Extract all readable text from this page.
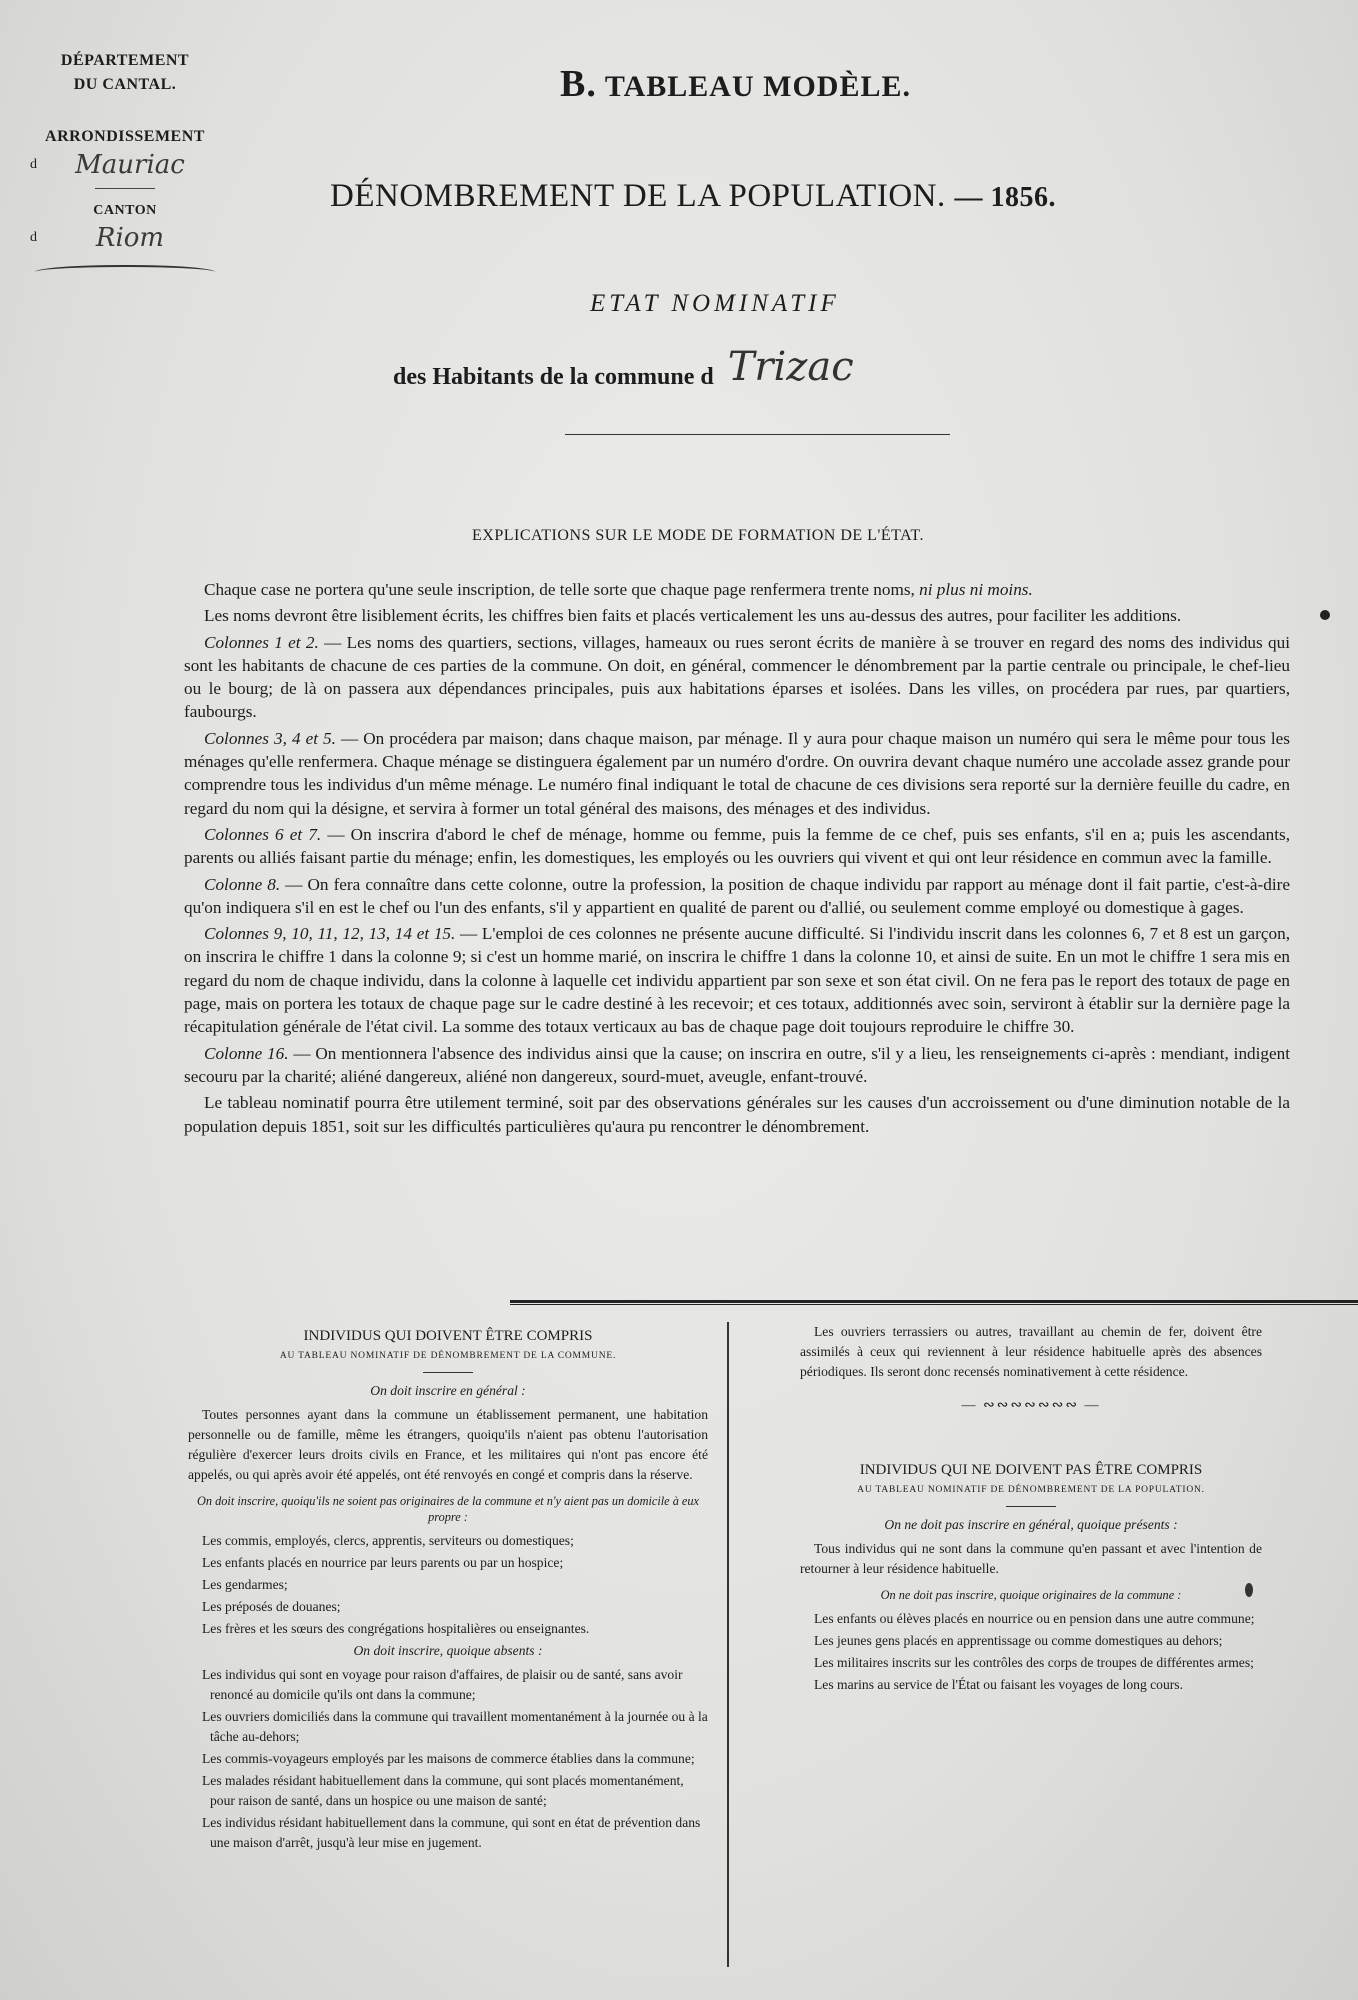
DÉPARTEMENT
DU CANTAL.
ARRONDISSEMENT
d Mauriac
CANTON
d Riom
B. TABLEAU MODÈLE.
DÉNOMBREMENT DE LA POPULATION. — 1856.
ETAT NOMINATIF
des Habitants de la commune d Trizac
EXPLICATIONS SUR LE MODE DE FORMATION DE L'ÉTAT.

Chaque case ne portera qu'une seule inscription, de telle sorte que chaque page renfermera trente noms, ni plus ni moins.

Les noms devront être lisiblement écrits, les chiffres bien faits et placés verticalement les uns au-dessus des autres, pour faciliter les additions.

Colonnes 1 et 2. — Les noms des quartiers, sections, villages, hameaux ou rues seront écrits de manière à se trouver en regard des noms des individus qui sont les habitants de chacune de ces parties de la commune. On doit, en général, commencer le dénombrement par la partie centrale ou principale, le chef-lieu ou le bourg; de là on passera aux dépendances principales, puis aux habitations éparses et isolées. Dans les villes, on procédera par rues, par quartiers, faubourgs.

Colonnes 3, 4 et 5. — On procédera par maison; dans chaque maison, par ménage. Il y aura pour chaque maison un numéro qui sera le même pour tous les ménages qu'elle renfermera. Chaque ménage se distinguera également par un numéro d'ordre. On ouvrira devant chaque numéro une accolade assez grande pour comprendre tous les individus d'un même ménage. Le numéro final indiquant le total de chacune de ces divisions sera reporté sur la dernière feuille du cadre, en regard du nom qui la désigne, et servira à former un total général des maisons, des ménages et des individus.

Colonnes 6 et 7. — On inscrira d'abord le chef de ménage, homme ou femme, puis la femme de ce chef, puis ses enfants, s'il en a; puis les ascendants, parents ou alliés faisant partie du ménage; enfin, les domestiques, les employés ou les ouvriers qui vivent et qui ont leur résidence en commun avec la famille.

Colonne 8. — On fera connaître dans cette colonne, outre la profession, la position de chaque individu par rapport au ménage dont il fait partie, c'est-à-dire qu'on indiquera s'il en est le chef ou l'un des enfants, s'il y appartient en qualité de parent ou d'allié, ou seulement comme employé ou domestique à gages.

Colonnes 9, 10, 11, 12, 13, 14 et 15. — L'emploi de ces colonnes ne présente aucune difficulté. Si l'individu inscrit dans les colonnes 6, 7 et 8 est un garçon, on inscrira le chiffre 1 dans la colonne 9; si c'est un homme marié, on inscrira le chiffre 1 dans la colonne 10, et ainsi de suite. En un mot le chiffre 1 sera mis en regard du nom de chaque individu, dans la colonne à laquelle cet individu appartient par son sexe et son état civil. On ne fera pas le report des totaux de page en page, mais on portera les totaux de chaque page sur le cadre destiné à les recevoir; et ces totaux, additionnés avec soin, serviront à établir sur la dernière page la récapitulation générale de l'état civil. La somme des totaux verticaux au bas de chaque page doit toujours reproduire le chiffre 30.

Colonne 16. — On mentionnera l'absence des individus ainsi que la cause; on inscrira en outre, s'il y a lieu, les renseignements ci-après : mendiant, indigent secouru par la charité; aliéné dangereux, aliéné non dangereux, sourd-muet, aveugle, enfant-trouvé.

Le tableau nominatif pourra être utilement terminé, soit par des observations générales sur les causes d'un accroissement ou d'une diminution notable de la population depuis 1851, soit sur les difficultés particulières qu'aura pu rencontrer le dénombrement.

INDIVIDUS QUI DOIVENT ÊTRE COMPRIS
AU TABLEAU NOMINATIF DE DÉNOMBREMENT DE LA COMMUNE.
On doit inscrire en général :

Toutes personnes ayant dans la commune un établissement permanent, une habitation personnelle ou de famille, même les étrangers, quoiqu'ils n'aient pas obtenu l'autorisation régulière d'exercer leurs droits civils en France, et les militaires qui n'ont pas encore été appelés, ou qui après avoir été appelés, ont été renvoyés en congé et compris dans la réserve.

On doit inscrire, quoiqu'ils ne soient pas originaires de la commune et n'y aient pas un domicile à eux propre :
Les commis, employés, clercs, apprentis, serviteurs ou domestiques;
Les enfants placés en nourrice par leurs parents ou par un hospice;
Les gendarmes;
Les préposés de douanes;
Les frères et les sœurs des congrégations hospitalières ou enseignantes.
On doit inscrire, quoique absents :
Les individus qui sont en voyage pour raison d'affaires, de plaisir ou de santé, sans avoir renoncé au domicile qu'ils ont dans la commune;
Les ouvriers domiciliés dans la commune qui travaillent momentanément à la journée ou à la tâche au-dehors;
Les commis-voyageurs employés par les maisons de commerce établies dans la commune;
Les malades résidant habituellement dans la commune, qui sont placés momentanément, pour raison de santé, dans un hospice ou une maison de santé;
Les individus résidant habituellement dans la commune, qui sont en état de prévention dans une maison d'arrêt, jusqu'à leur mise en jugement.

Les ouvriers terrassiers ou autres, travaillant au chemin de fer, doivent être assimilés à ceux qui reviennent à leur résidence habituelle après des absences périodiques. Ils seront donc recensés nominativement à cette résidence.

— ∾∾∾∾∾∾∾ —
INDIVIDUS QUI NE DOIVENT PAS ÊTRE COMPRIS
AU TABLEAU NOMINATIF DE DÉNOMBREMENT DE LA POPULATION.
On ne doit pas inscrire en général, quoique présents :

Tous individus qui ne sont dans la commune qu'en passant et avec l'intention de retourner à leur résidence habituelle.

On ne doit pas inscrire, quoique originaires de la commune :
Les enfants ou élèves placés en nourrice ou en pension dans une autre commune;
Les jeunes gens placés en apprentissage ou comme domestiques au dehors;
Les militaires inscrits sur les contrôles des corps de troupes de différentes armes;
Les marins au service de l'État ou faisant les voyages de long cours.
